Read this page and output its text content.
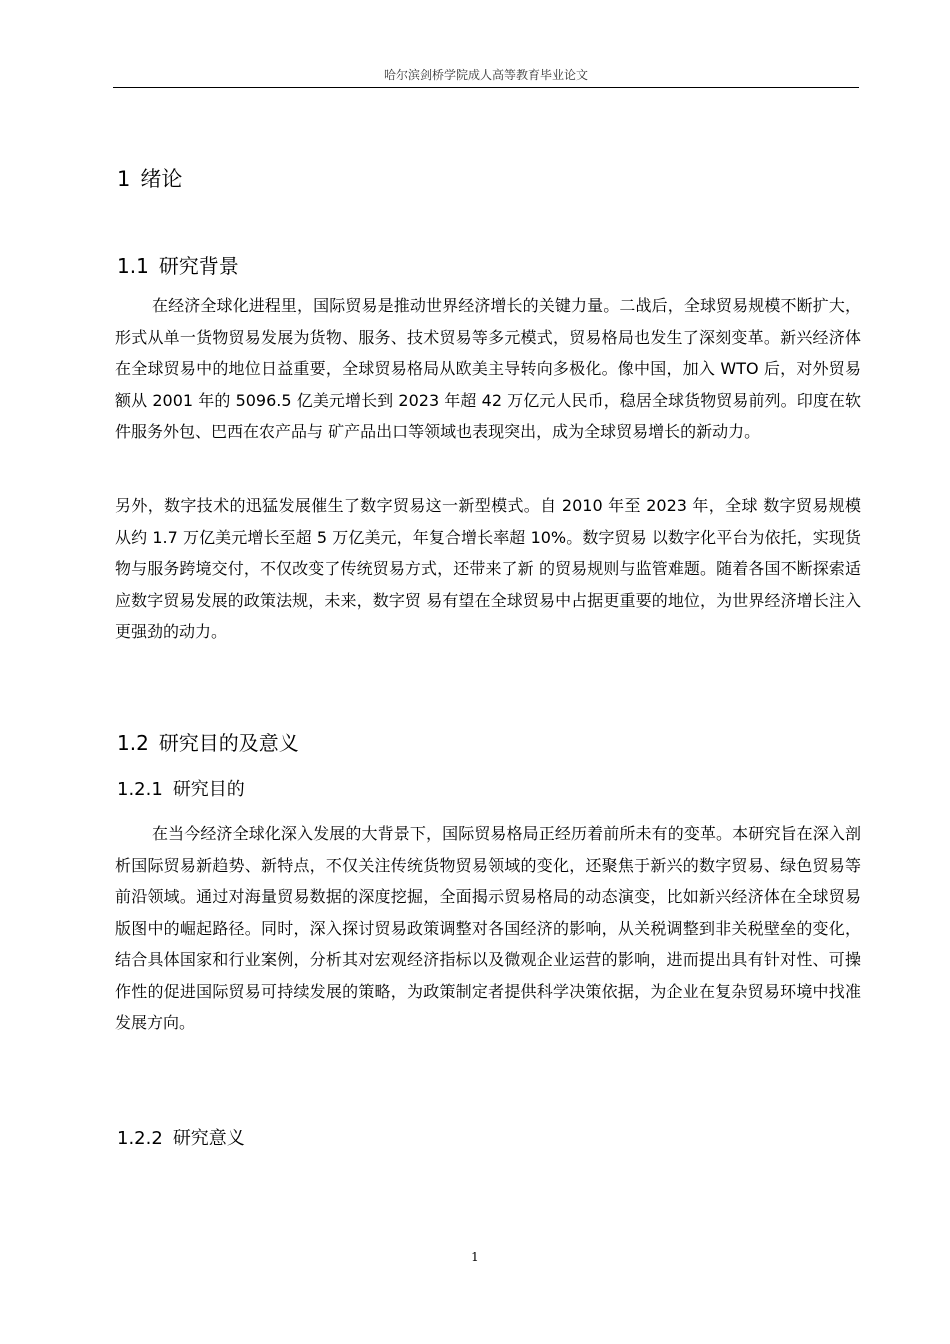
哈尔滨剑桥学院成人高等教育毕业论文
1 绪论
1.1 研究背景

在经济全球化进程里，国际贸易是推动世界经济增长的关键力量。二战后，全球贸易规模不断扩大，形式从单一货物贸易发展为货物、服务、技术贸易等多元模式，贸易格局也发生了深刻变革。新兴经济体在全球贸易中的地位日益重要，全球贸易格局从欧美主导转向多极化。像中国，加入 WTO 后，对外贸易额从 2001 年的 5096.5 亿美元增长到 2023 年超 42 万亿元人民币，稳居全球货物贸易前列。印度在软件服务外包、巴西在农产品与 矿产品出口等领域也表现突出，成为全球贸易增长的新动力。

另外，数字技术的迅猛发展催生了数字贸易这一新型模式。自 2010 年至 2023 年，全球 数字贸易规模从约 1.7 万亿美元增长至超 5 万亿美元，年复合增长率超 10%。数字贸易 以数字化平台为依托，实现货物与服务跨境交付，不仅改变了传统贸易方式，还带来了新 的贸易规则与监管难题。随着各国不断探索适应数字贸易发展的政策法规，未来，数字贸 易有望在全球贸易中占据更重要的地位，为世界经济增长注入更强劲的动力。

1.2 研究目的及意义
1.2.1 研究目的

在当今经济全球化深入发展的大背景下，国际贸易格局正经历着前所未有的变革。本研究旨在深入剖析国际贸易新趋势、新特点，不仅关注传统货物贸易领域的变化，还聚焦于新兴的数字贸易、绿色贸易等前沿领域。通过对海量贸易数据的深度挖掘，全面揭示贸易格局的动态演变，比如新兴经济体在全球贸易版图中的崛起路径。同时，深入探讨贸易政策调整对各国经济的影响，从关税调整到非关税壁垒的变化，结合具体国家和行业案例，分析其对宏观经济指标以及微观企业运营的影响，进而提出具有针对性、可操作性的促进国际贸易可持续发展的策略，为政策制定者提供科学决策依据，为企业在复杂贸易环境中找准发展方向。

1.2.2 研究意义
1
